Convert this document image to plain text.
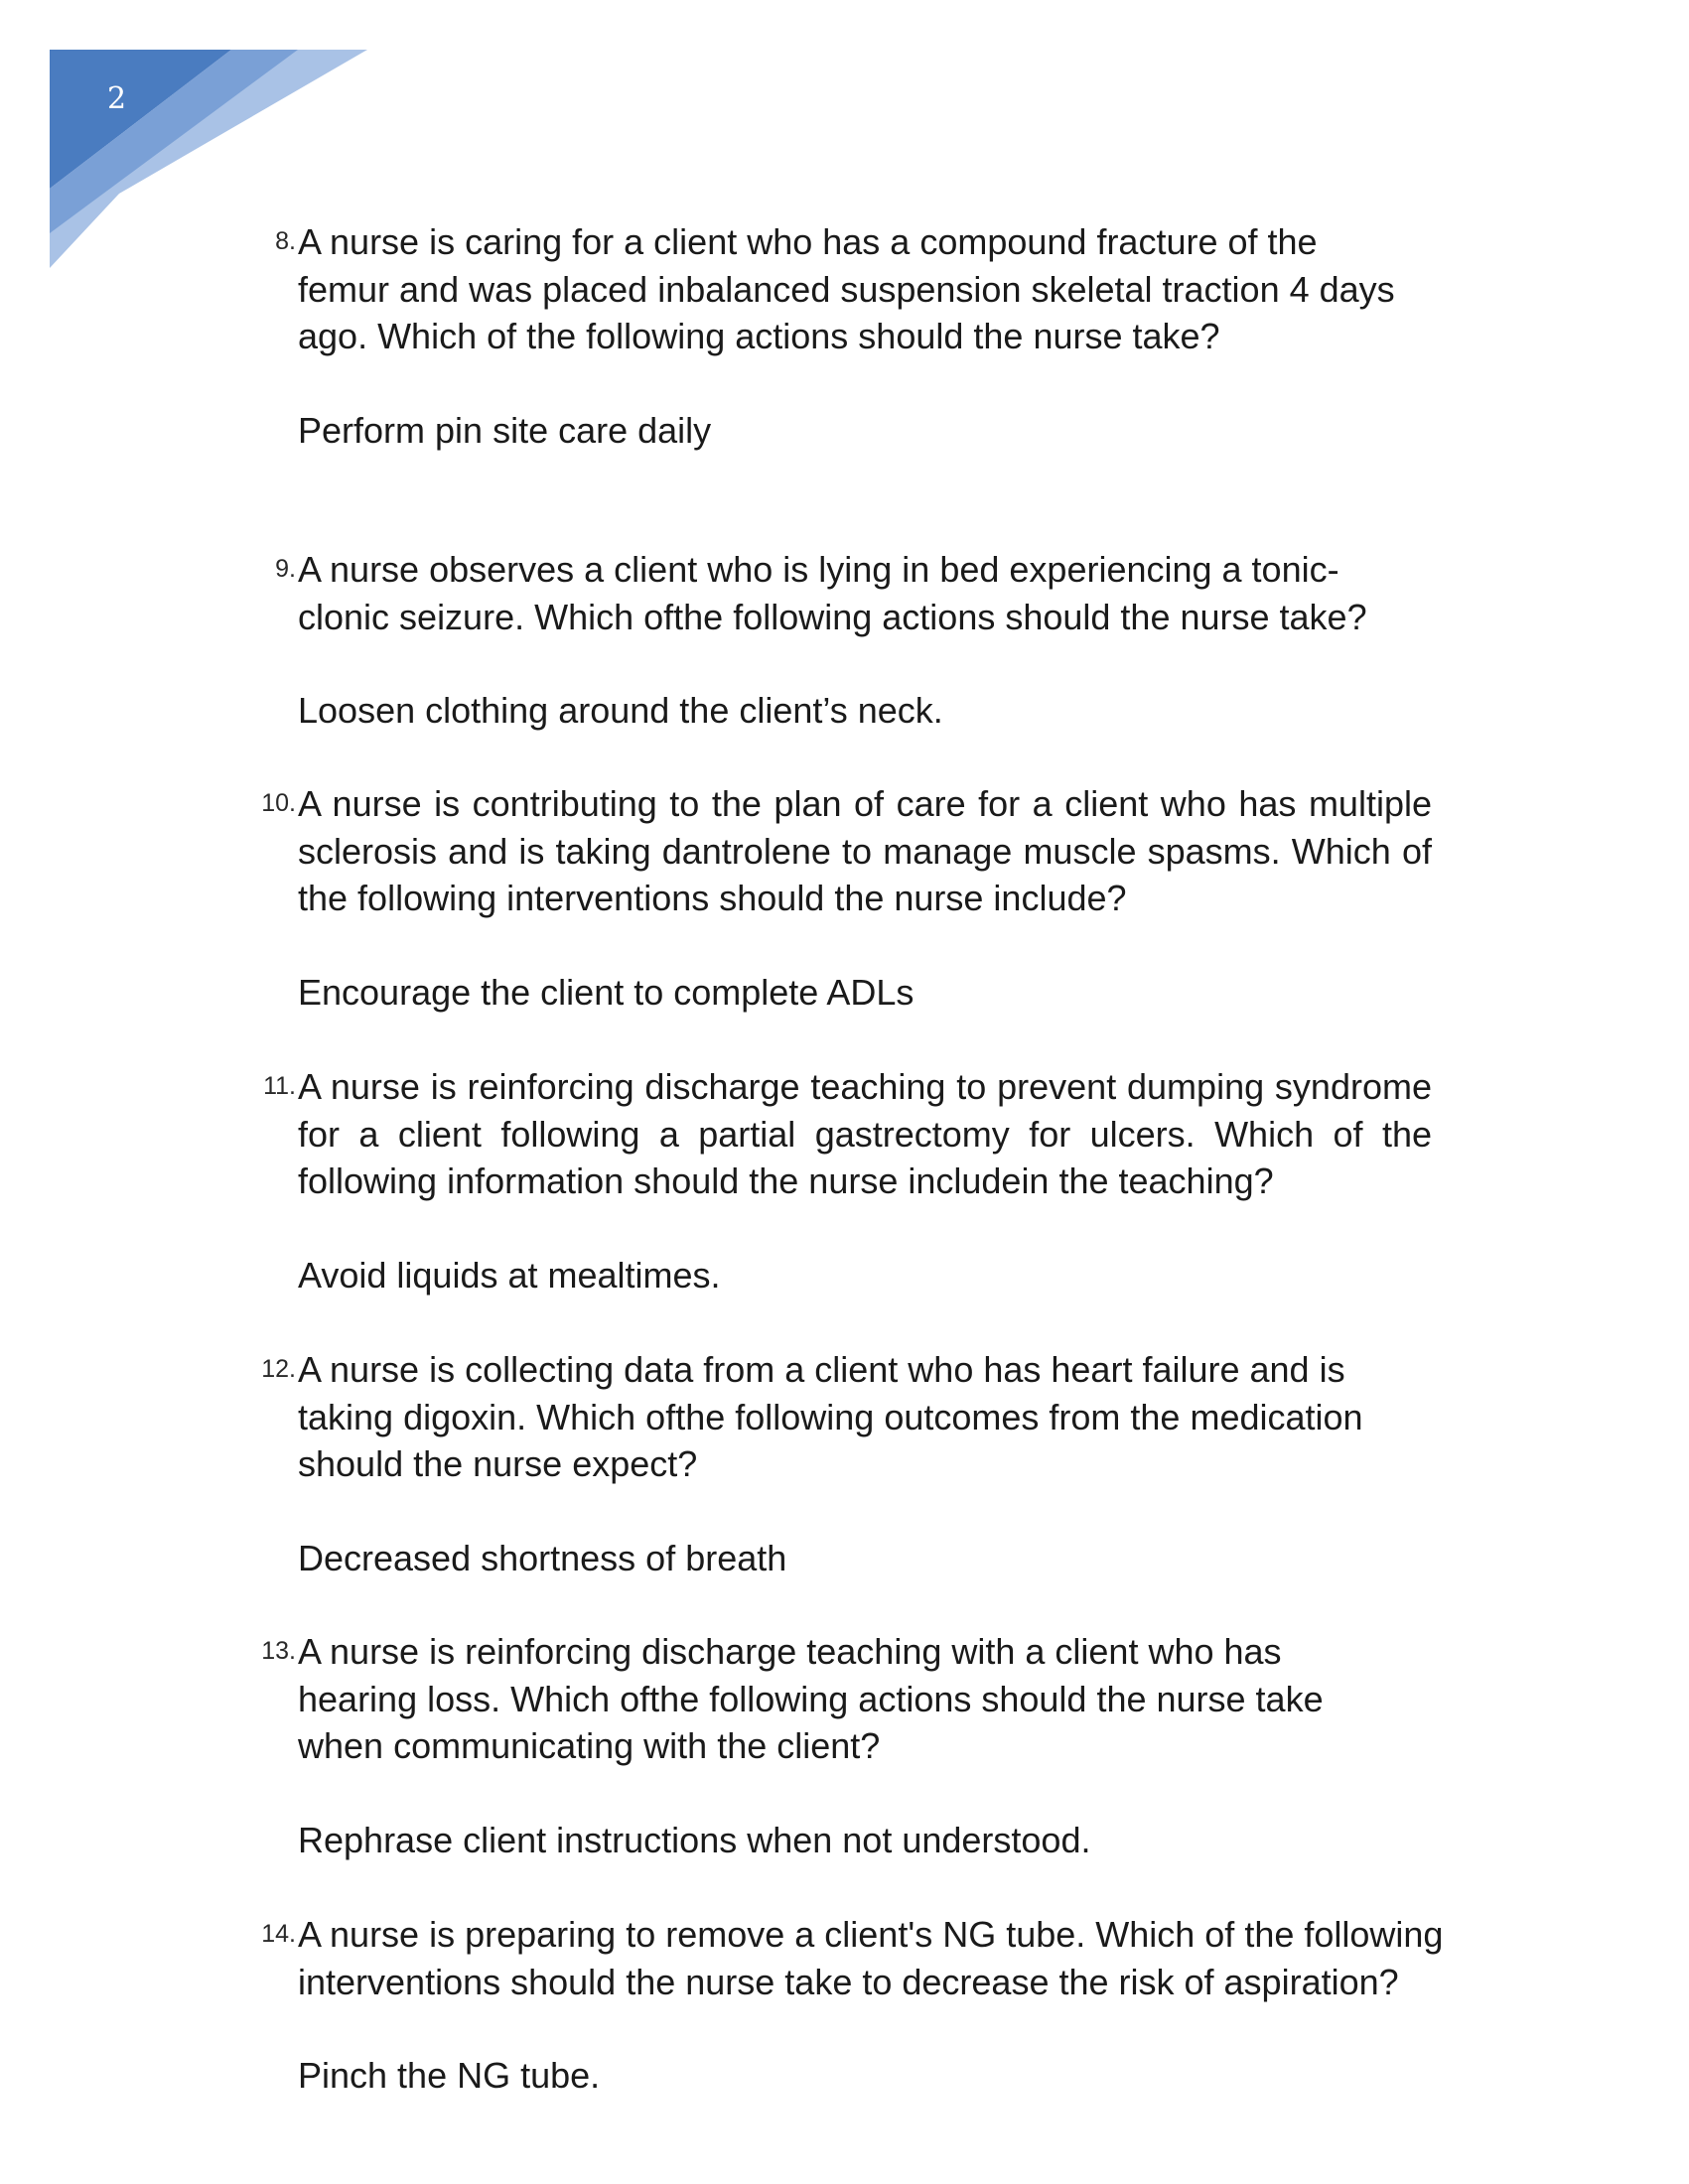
2
8. A nurse is caring for a client who has a compound fracture of the
femur and was placed inbalanced suspension skeletal traction 4 days
ago. Which of the following actions should the nurse take?
Perform pin site care daily
9. A nurse observes a client who is lying in bed experiencing a tonic-
clonic seizure. Which ofthe following actions should the nurse take?
Loosen clothing around the client’s neck.
10. A nurse is contributing to the plan of care for a client who has multiple
sclerosis and is taking dantrolene to manage muscle spasms. Which of
the following interventions should the nurse include?
Encourage the client to complete ADLs
11. A nurse is reinforcing discharge teaching to prevent dumping syndrome
for a client following a partial gastrectomy for ulcers. Which of the
following information should the nurse includein the teaching?
Avoid liquids at mealtimes.
12. A nurse is collecting data from a client who has heart failure and is
taking digoxin. Which ofthe following outcomes from the medication
should the nurse expect?
Decreased shortness of breath
13. A nurse is reinforcing discharge teaching with a client who has
hearing loss. Which ofthe following actions should the nurse take
when communicating with the client?
Rephrase client instructions when not understood.
14. A nurse is preparing to remove a client's NG tube. Which of the following
interventions should the nurse take to decrease the risk of aspiration?
Pinch the NG tube.
